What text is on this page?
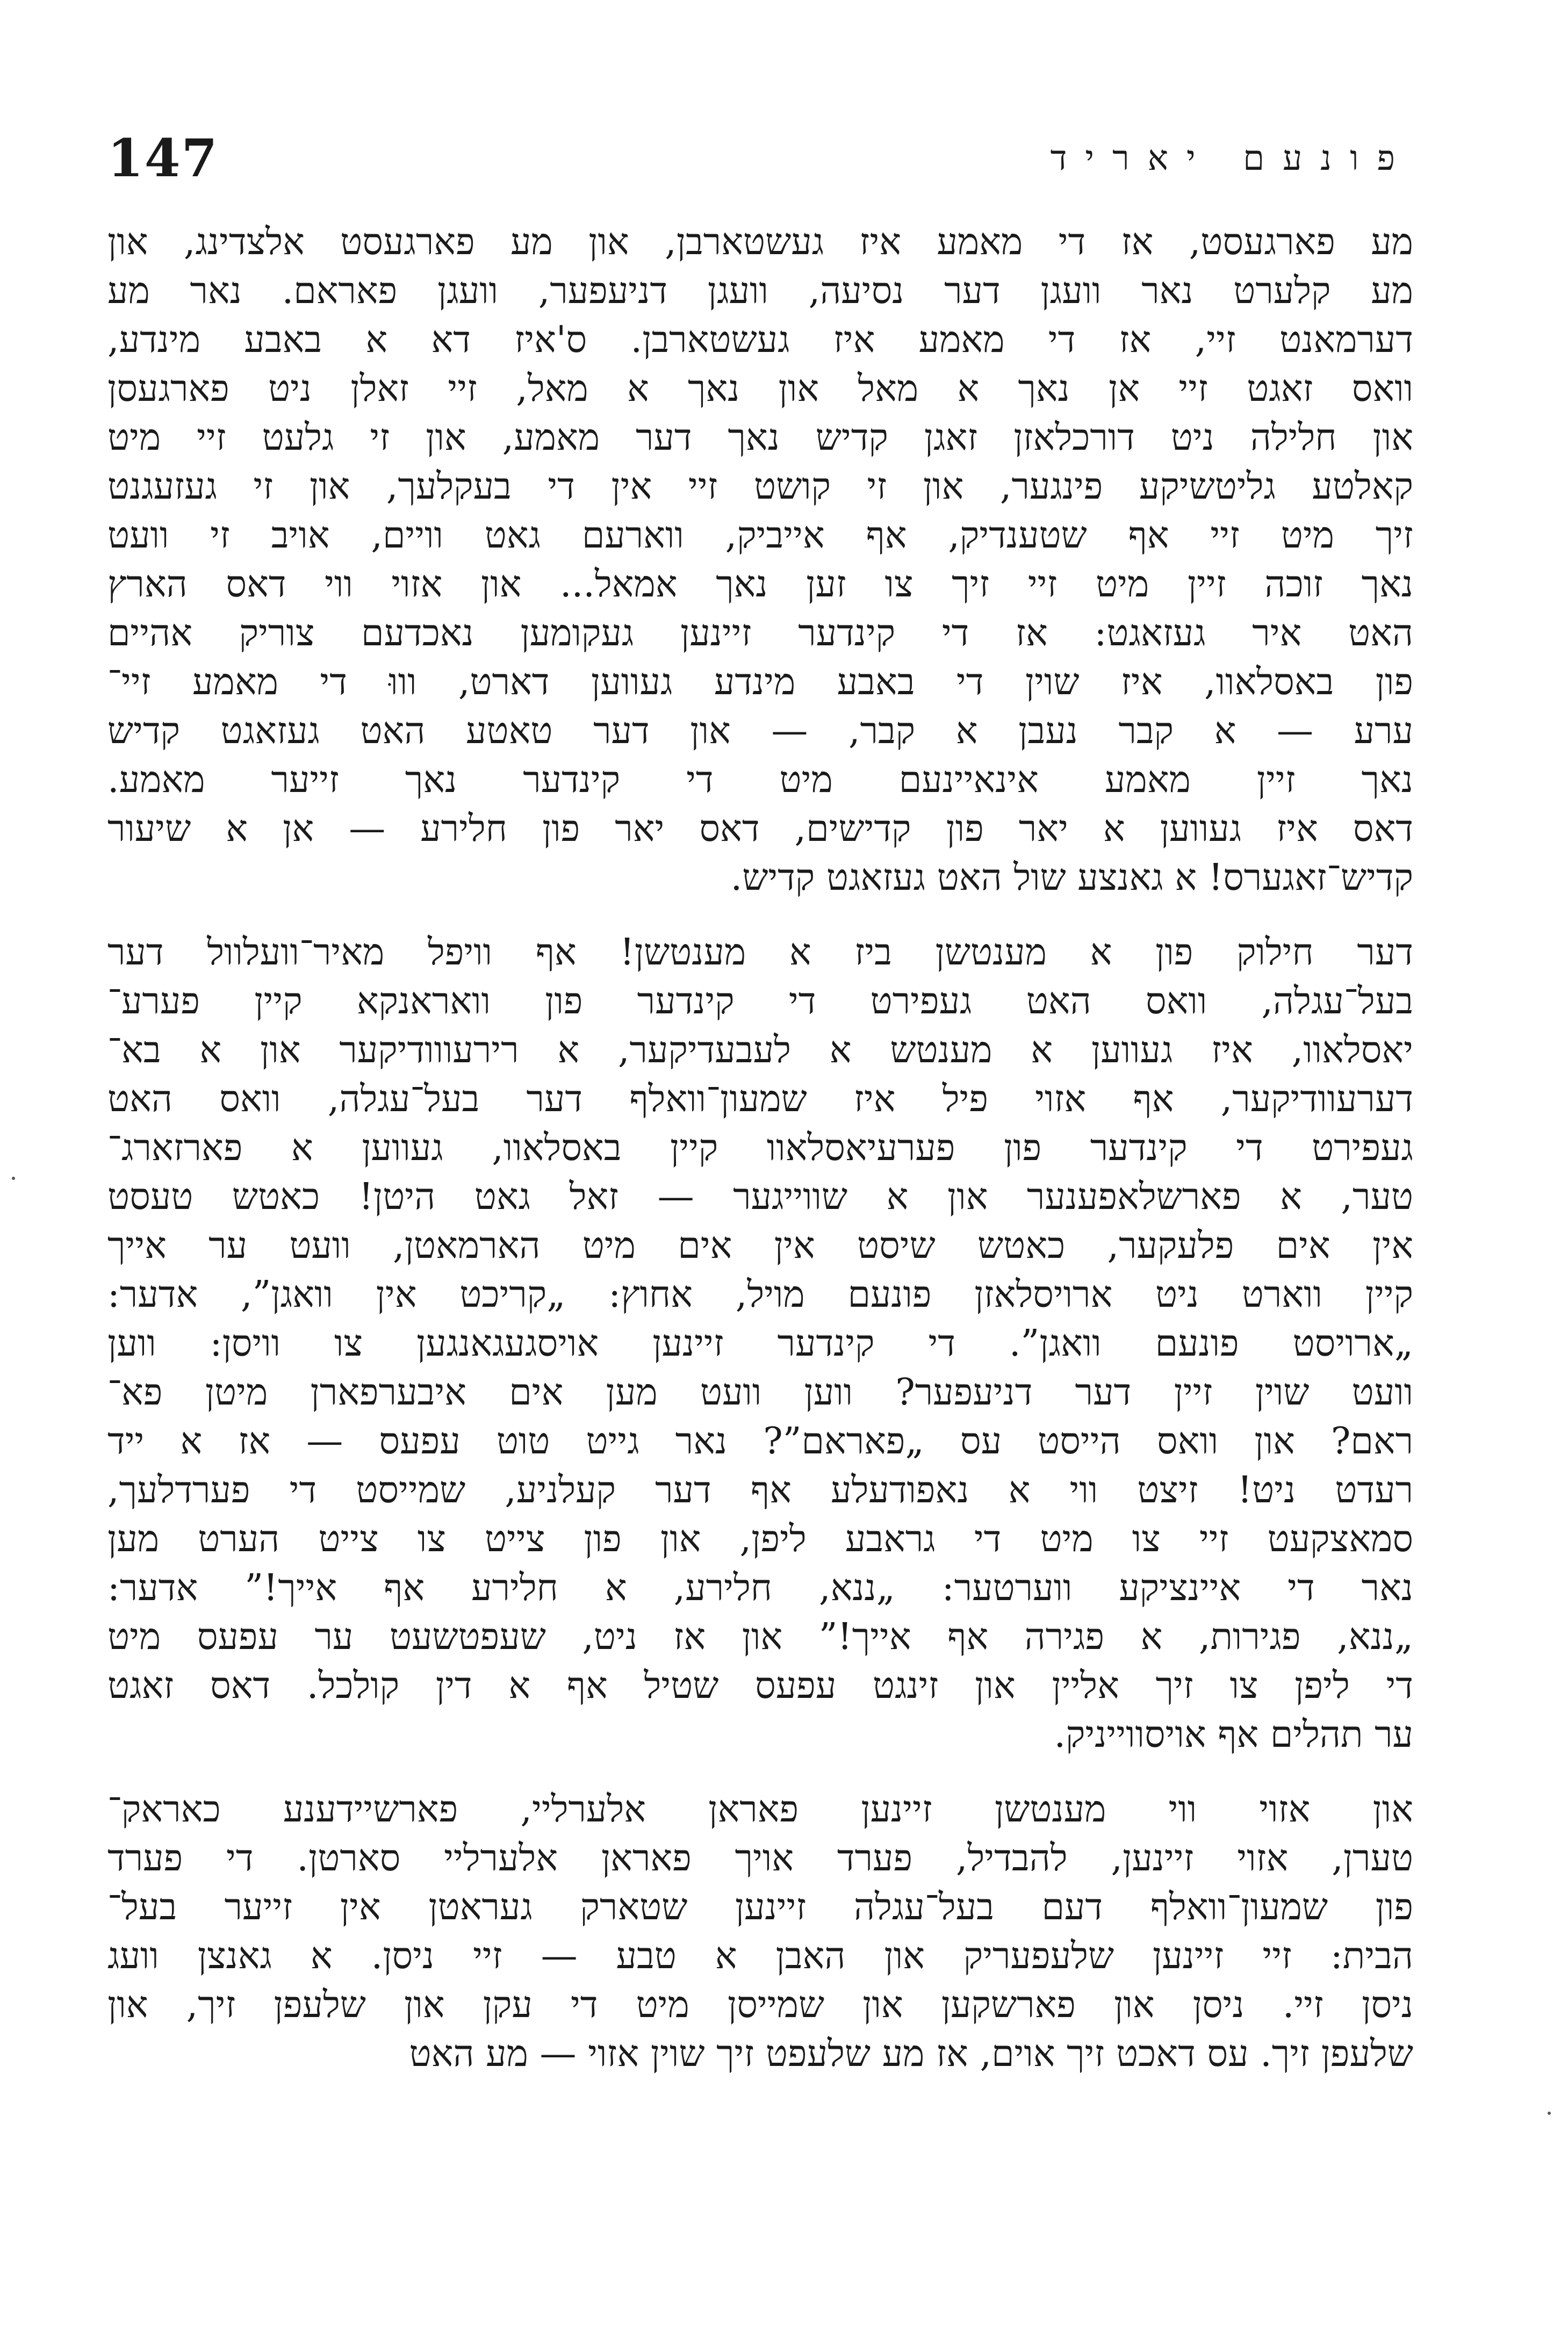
147	פונעם יאריד

מע פארגעסט, אז די מאמע איז געשטארבן, און מע פארגעסט אלצדינג, און
מע קלערט נאר וועגן דער נסיעה, וועגן דניעפער, וועגן פאראם. נאר מע
דערמאנט זיי, אז די מאמע איז געשטארבן. ס'איז דא א באבע מינדע,
וואס זאגט זיי אן נאך א מאל און נאך א מאל, זיי זאלן ניט פארגעסן
און חלילה ניט דורכלאזן זאגן קדיש נאך דער מאמע, און זי גלעט זיי מיט
קאלטע גליטשיקע פינגער, און זי קושט זיי אין די בעקלעך, און זי געזעגנט
זיך מיט זיי אף שטענדיק, אף אייביק, ווארעם גאט וויים, אויב זי וועט
נאך זוכה זיין מיט זיי זיך צו זען נאך אמאל... און אזוי ווי דאס הארץ
האט איר געזאגט: אז די קינדער זיינען געקומען נאכדעם צוריק אהיים
פון באסלאוו, איז שוין די באבע מינדע געווען דארט, וווּ די מאמע זיי־
ערע — א קבר נעבן א קבר, — און דער טאטע האט געזאגט קדיש
נאך זיין מאמע אינאיינעם מיט די קינדער נאך זייער מאמע.
דאס איז געווען א יאר פון קדישים, דאס יאר פון חלירע — אן א שיעור
קדיש־זאגערס! א גאנצע שול האט געזאגט קדיש.

דער חילוק פון א מענטשן ביז א מענטשן! אף וויפל מאיר־וועלוול דער
בעל־עגלה, וואס האט געפירט די קינדער פון וואראנקא קיין פערע־
יאסלאוו, איז געווען א מענטש א לעבעדיקער, א רירעווודיקער און א בא־
דערעוודיקער, אף אזוי פיל איז שמעון־וואלף דער בעל־עגלה, וואס האט
געפירט די קינדער פון פערעיאסלאוו קיין באסלאוו, געווען א פארזארג־
טער, א פארשלאפענער און א שווייגער — זאל גאט היטן! כאטש טעסט
אין אים פלעקער, כאטש שיסט אין אים מיט הארמאטן, וועט ער אייך
קיין ווארט ניט ארויסלאזן פונעם מויל, אחוץ: „קריכט אין וואגן”, אדער:
„ארויסט פונעם וואגן”. די קינדער זיינען אויסגעגאנגען צו וויסן: ווען
וועט שוין זיין דער דניעפער? ווען וועט מען אים איבערפארן מיטן פא־
ראם? און וואס הייסט עס „פאראם”? נאר גייט טוט עפעס — אז א ייד
רעדט ניט! זיצט ווי א נאפודעלע אף דער קעלניע, שמייסט די פערדלעך,
סמאצקעט זיי צו מיט די גראבע ליפן, און פון צייט צו צייט הערט מען
נאר די איינציקע ווערטער: „ננא, חלירע, א חלירע אף אייך!” אדער:
„ננא, פגירות, א פגירה אף אייך!” און אז ניט, שעפטשעט ער עפעס מיט
די ליפן צו זיך אליין און זינגט עפעס שטיל אף א דין קולכל. דאס זאגט
ער תהלים אף אויסווייניק.

און אזוי ווי מענטשן זיינען פאראן אלערליי, פארשיידענע כאראק־
טערן, אזוי זיינען, להבדיל, פערד אויך פאראן אלערליי סארטן. די פערד
פון שמעון־וואלף דעם בעל־עגלה זיינען שטארק געראטן אין זייער בעל־
הבית: זיי זיינען שלעפעריק און האבן א טבע — זיי ניסן. א גאנצן וועג
ניסן זיי. ניסן און פארשקען און שמייסן מיט די עקן און שלעפן זיך, און
שלעפן זיך. עס דאכט זיך אוים, אז מע שלעפט זיך שוין אזוי — מע האט
